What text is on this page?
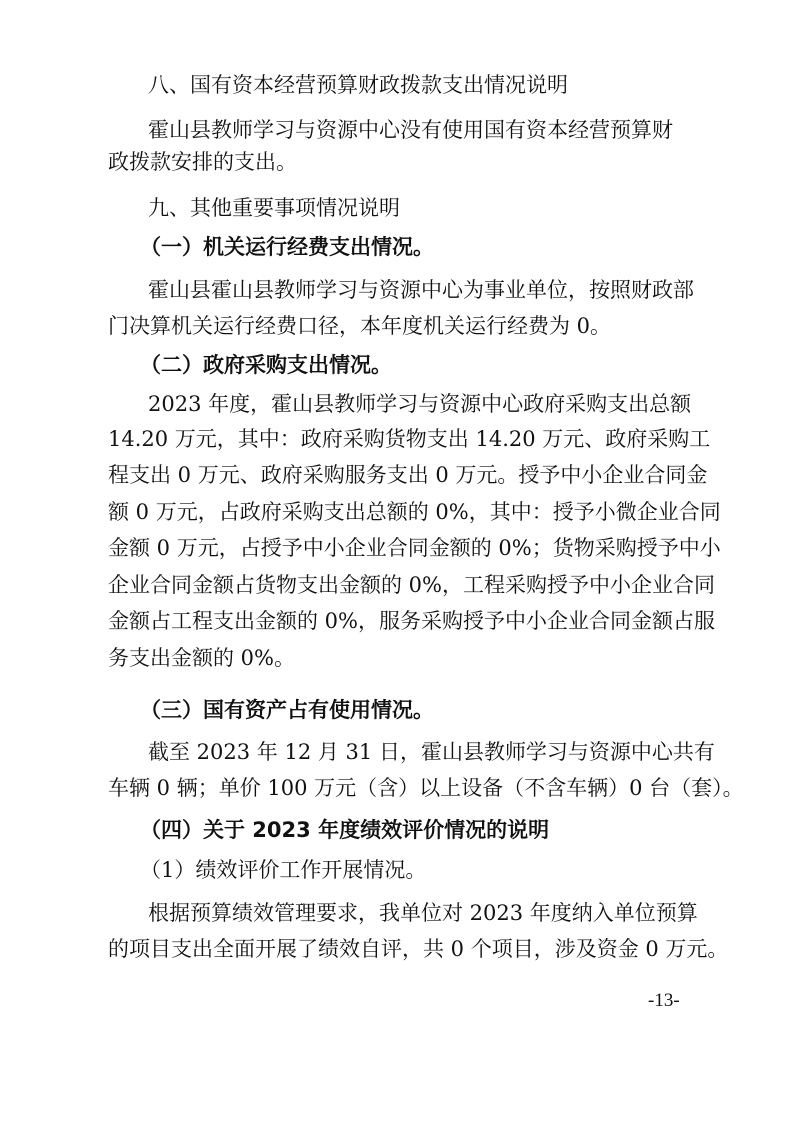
八、国有资本经营预算财政拨款支出情况说明
霍山县教师学习与资源中心没有使用国有资本经营预算财
政拨款安排的支出。
九、其他重要事项情况说明
（一）机关运行经费支出情况。
霍山县霍山县教师学习与资源中心为事业单位，按照财政部
门决算机关运行经费口径，本年度机关运行经费为 0。
（二）政府采购支出情况。
2023 年度，霍山县教师学习与资源中心政府采购支出总额
14.20 万元，其中：政府采购货物支出 14.20 万元、政府采购工
程支出 0 万元、政府采购服务支出 0 万元。授予中小企业合同金
额 0 万元，占政府采购支出总额的 0%，其中：授予小微企业合同
金额 0 万元，占授予中小企业合同金额的 0%；货物采购授予中小
企业合同金额占货物支出金额的 0%，工程采购授予中小企业合同
金额占工程支出金额的 0%，服务采购授予中小企业合同金额占服
务支出金额的 0%。
（三）国有资产占有使用情况。
截至 2023 年 12 月 31 日，霍山县教师学习与资源中心共有
车辆 0 辆；单价 100 万元（含）以上设备（不含车辆）0 台（套）。
（四）关于 2023 年度绩效评价情况的说明
（1）绩效评价工作开展情况。
根据预算绩效管理要求，我单位对 2023 年度纳入单位预算
的项目支出全面开展了绩效自评，共 0 个项目，涉及资金 0 万元。
-13-
